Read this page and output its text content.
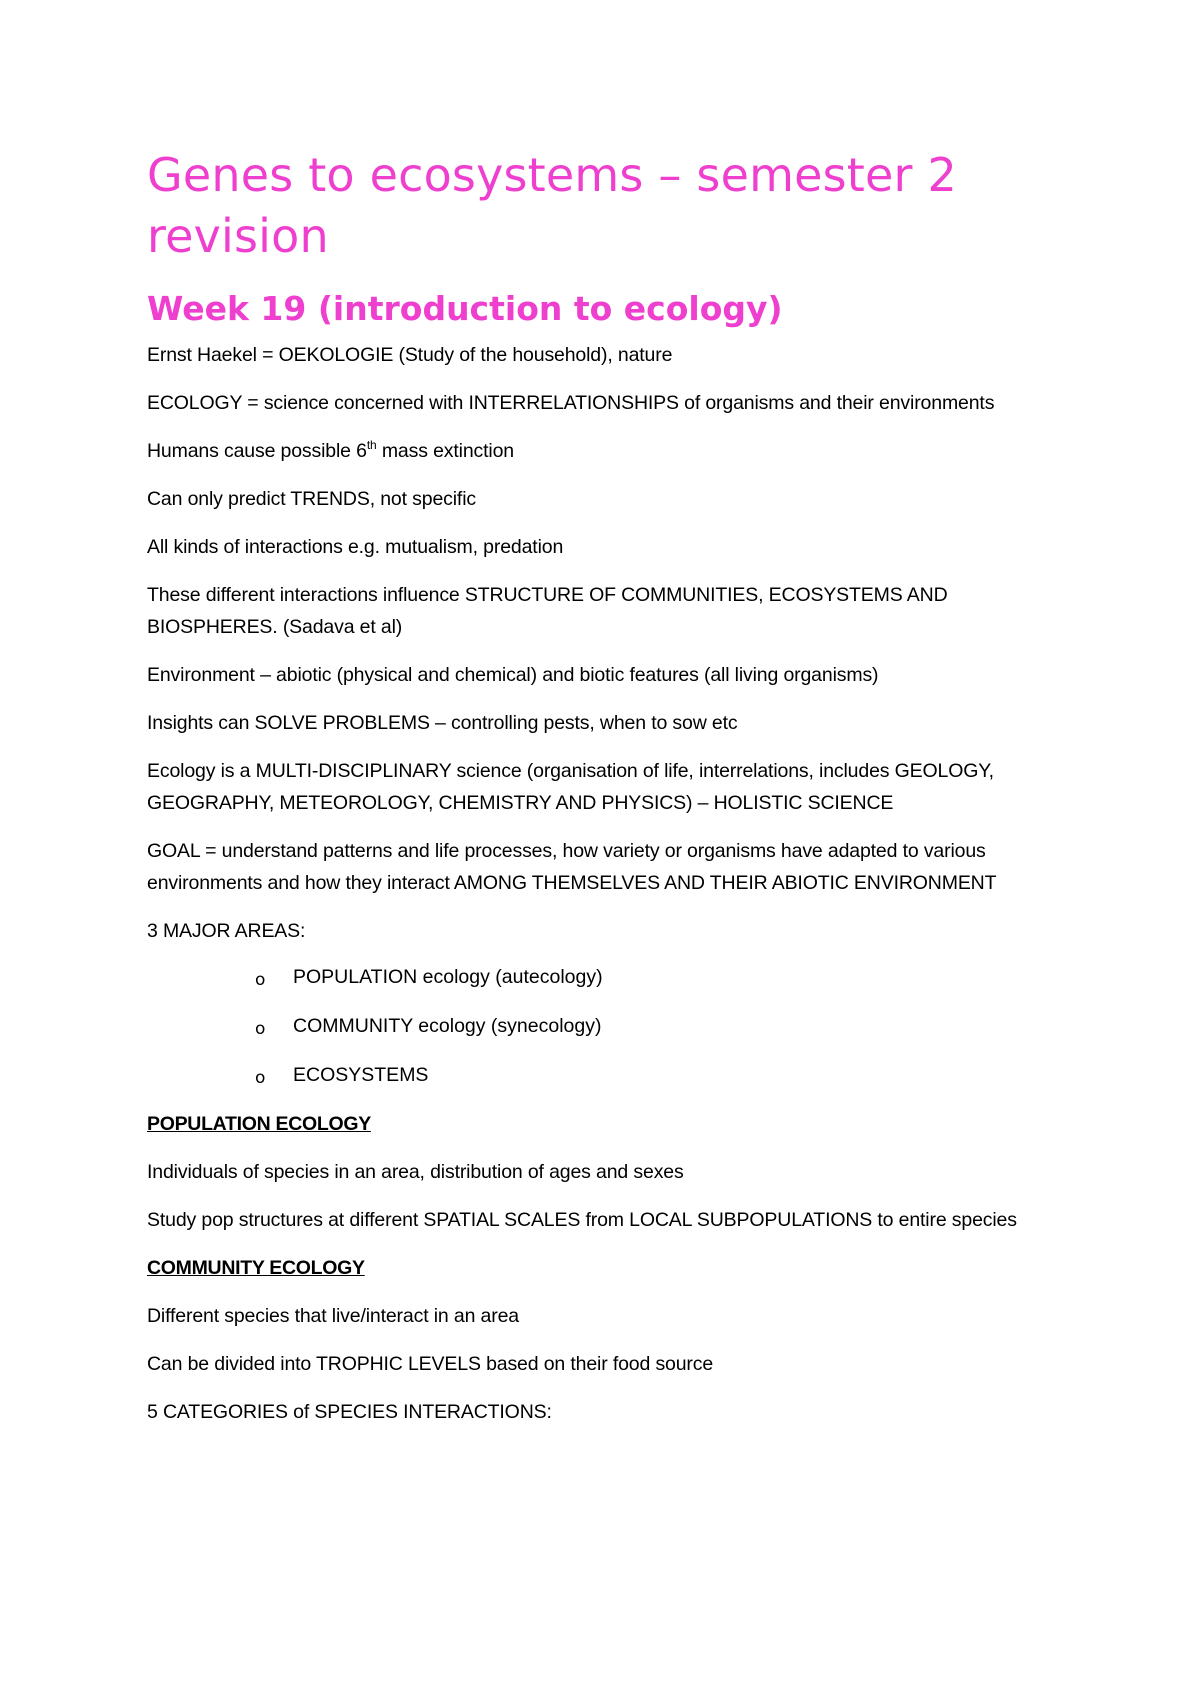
Genes to ecosystems – semester 2 revision
Week 19 (introduction to ecology)

Ernst Haekel = OEKOLOGIE (Study of the household), nature

ECOLOGY = science concerned with INTERRELATIONSHIPS of organisms and their environments

Humans cause possible 6th mass extinction

Can only predict TRENDS, not specific

All kinds of interactions e.g. mutualism, predation

These different interactions influence STRUCTURE OF COMMUNITIES, ECOSYSTEMS AND BIOSPHERES. (Sadava et al)

Environment – abiotic (physical and chemical) and biotic features (all living organisms)

Insights can SOLVE PROBLEMS – controlling pests, when to sow etc

Ecology is a MULTI-DISCIPLINARY science (organisation of life, interrelations, includes GEOLOGY, GEOGRAPHY, METEOROLOGY, CHEMISTRY AND PHYSICS) – HOLISTIC SCIENCE

GOAL = understand patterns and life processes, how variety or organisms have adapted to various environments and how they interact AMONG THEMSELVES AND THEIR ABIOTIC ENVIRONMENT

3 MAJOR AREAS:

o POPULATION ecology (autecology)
o COMMUNITY ecology (synecology)
o ECOSYSTEMS

POPULATION ECOLOGY

Individuals of species in an area, distribution of ages and sexes

Study pop structures at different SPATIAL SCALES from LOCAL SUBPOPULATIONS to entire species

COMMUNITY ECOLOGY

Different species that live/interact in an area

Can be divided into TROPHIC LEVELS based on their food source

5 CATEGORIES of SPECIES INTERACTIONS:
